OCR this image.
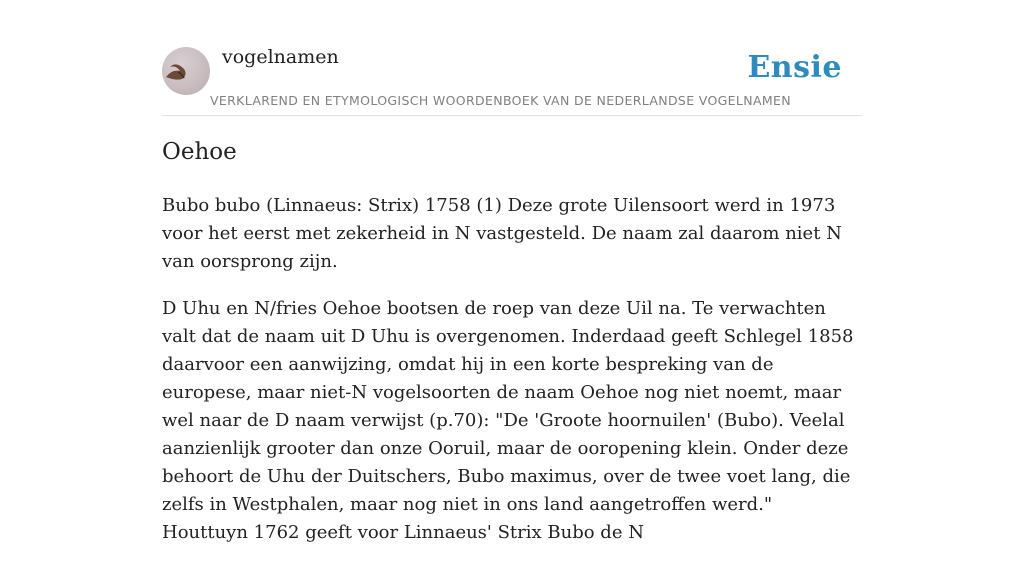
vogelnamen	Ensie
VERKLAREND EN ETYMOLOGISCH WOORDENBOEK VAN DE NEDERLANDSE VOGELNAMEN
Oehoe

Bubo bubo (Linnaeus: Strix) 1758 (1) Deze grote Uilensoort werd in 1973 voor het eerst met zekerheid in N vastgesteld. De naam zal daarom niet N van oorsprong zijn.

D Uhu en N/fries Oehoe bootsen de roep van deze Uil na. Te verwachten valt dat de naam uit D Uhu is overgenomen. Inderdaad geeft Schlegel 1858 daarvoor een aanwijzing, omdat hij in een korte bespreking van de europese, maar niet-N vogelsoorten de naam Oehoe nog niet noemt, maar wel naar de D naam verwijst (p.70): "De 'Groote hoornuilen' (Bubo). Veelal aanzienlijk grooter dan onze Ooruil, maar de ooropening klein. Onder deze behoort de Uhu der Duitschers, Bubo maximus, over de twee voet lang, die zelfs in Westphalen, maar nog niet in ons land aangetroffen werd." Houttuyn 1762 geeft voor Linnaeus' Strix Bubo de N
